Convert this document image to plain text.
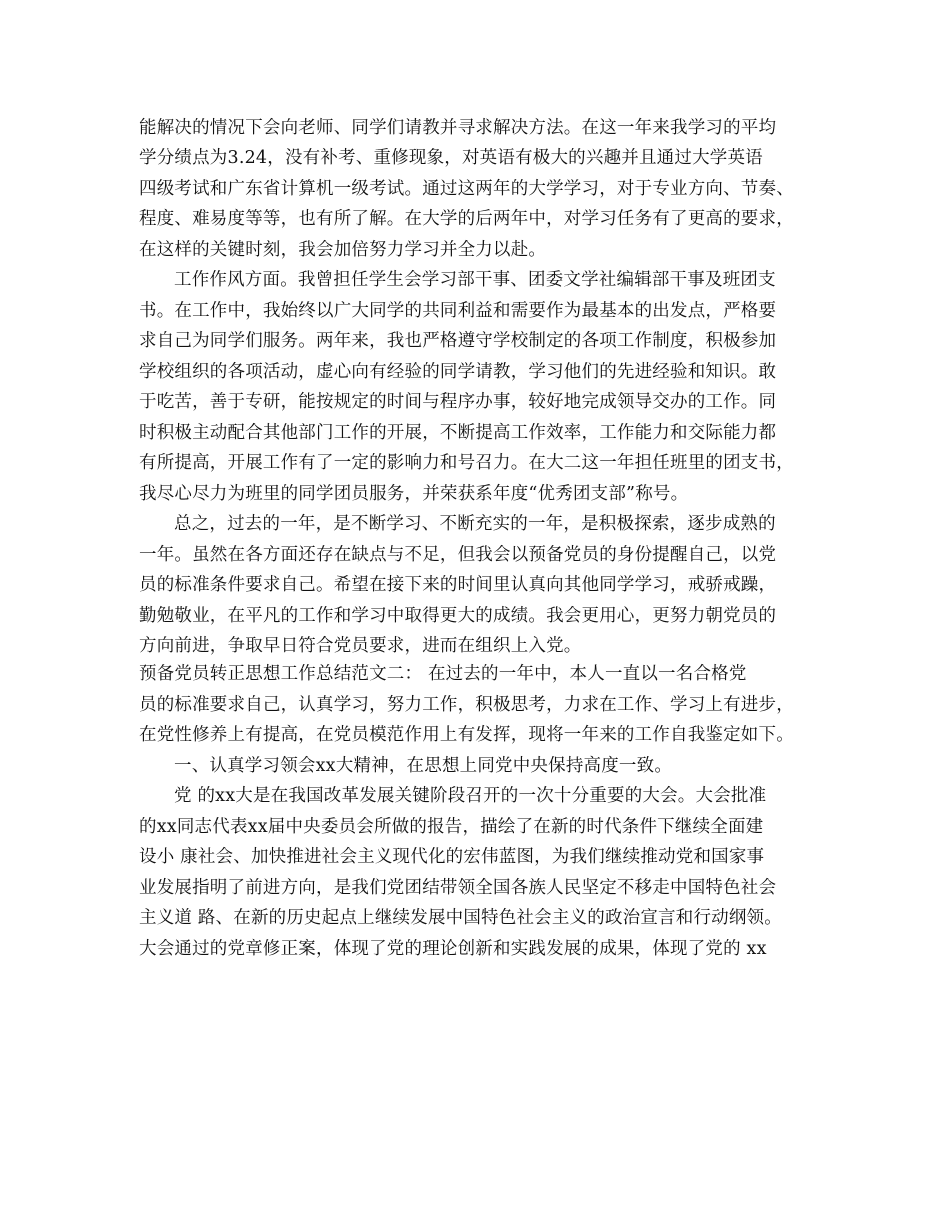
能解决的情况下会向老师、同学们请教并寻求解决方法。在这一年来我学习的平均
学分绩点为3.24，没有补考、重修现象，对英语有极大的兴趣并且通过大学英语
四级考试和广东省计算机一级考试。通过这两年的大学学习，对于专业方向、节奏、
程度、难易度等等，也有所了解。在大学的后两年中，对学习任务有了更高的要求，
在这样的关键时刻，我会加倍努力学习并全力以赴。
工作作风方面。我曾担任学生会学习部干事、团委文学社编辑部干事及班团支
书。在工作中，我始终以广大同学的共同利益和需要作为最基本的出发点，严格要
求自己为同学们服务。两年来，我也严格遵守学校制定的各项工作制度，积极参加
学校组织的各项活动，虚心向有经验的同学请教，学习他们的先进经验和知识。敢
于吃苦，善于专研，能按规定的时间与程序办事，较好地完成领导交办的工作。同
时积极主动配合其他部门工作的开展，不断提高工作效率，工作能力和交际能力都
有所提高，开展工作有了一定的影响力和号召力。在大二这一年担任班里的团支书，
我尽心尽力为班里的同学团员服务，并荣获系年度“优秀团支部”称号。
总之，过去的一年，是不断学习、不断充实的一年，是积极探索，逐步成熟的
一年。虽然在各方面还存在缺点与不足，但我会以预备党员的身份提醒自己，以党
员的标准条件要求自己。希望在接下来的时间里认真向其他同学学习，戒骄戒躁，
勤勉敬业，在平凡的工作和学习中取得更大的成绩。我会更用心，更努力朝党员的
方向前进，争取早日符合党员要求，进而在组织上入党。
预备党员转正思想工作总结范文二： 在过去的一年中，本人一直以一名合格党
员的标准要求自己，认真学习，努力工作，积极思考，力求在工作、学习上有进步，
在党性修养上有提高，在党员模范作用上有发挥，现将一年来的工作自我鉴定如下。
一、认真学习领会xx大精神，在思想上同党中央保持高度一致。
党 的xx大是在我国改革发展关键阶段召开的一次十分重要的大会。大会批准
的xx同志代表xx届中央委员会所做的报告，描绘了在新的时代条件下继续全面建
设小 康社会、加快推进社会主义现代化的宏伟蓝图，为我们继续推动党和国家事
业发展指明了前进方向，是我们党团结带领全国各族人民坚定不移走中国特色社会
主义道 路、在新的历史起点上继续发展中国特色社会主义的政治宣言和行动纲领。
大会通过的党章修正案，体现了党的理论创新和实践发展的成果，体现了党的 xx
